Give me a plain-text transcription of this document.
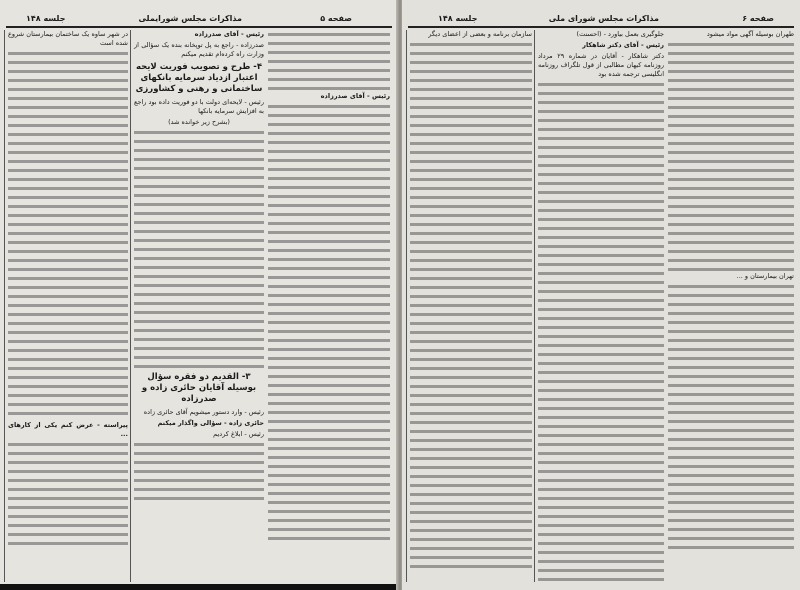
صفحه ۵
مذاکرات مجلس شورایملی
جلسه ۱۴۸

رئیس - آقای صدرزاده

رئیس - آقای صدرزاده

صدرزاده - راجع به پل توپخانه بنده یک سؤالی از وزارت راه کرده‌ام تقدیم میکنم

۴- طرح و تصویب فوریت لایحه اعتبار ازدیاد سرمایه بانکهای ساختمانی و رهنی و کشاورزی

رئیس - لایحه‌ای دولت با دو فوریت داده بود راجع به افزایش سرمایه بانکها

(بشرح زیر خوانده شد)

۳- القدیم دو فقره سؤال بوسیله آقایان حائری زاده و صدرزاده

رئیس - وارد دستور میشویم آقای حائری زاده

حائری زاده - سؤالی واگذار میکنم

رئیس - ابلاغ کردیم

در شهر ساوه یک ساختمان بیمارستان شروع شده است

پیراسته - عرض کنم یکی از کارهای ...

صفحه ۶
مذاکرات مجلس شورای ملی
جلسه ۱۴۸

طهران بوسیله آگهی مواد میشود

تهران بیمارستان و ...

جلوگیری بعمل بیاورد - (احسنت)

رئیس - آقای دکتر شاهکار

دکتر شاهکار - آقایان در شماره ۲۹ مرداد روزنامه کیهان مطالبی از قول تلگراف روزنامه انگلیسی ترجمه شده بود

سازمان برنامه و بعضی از اعضای دیگر
